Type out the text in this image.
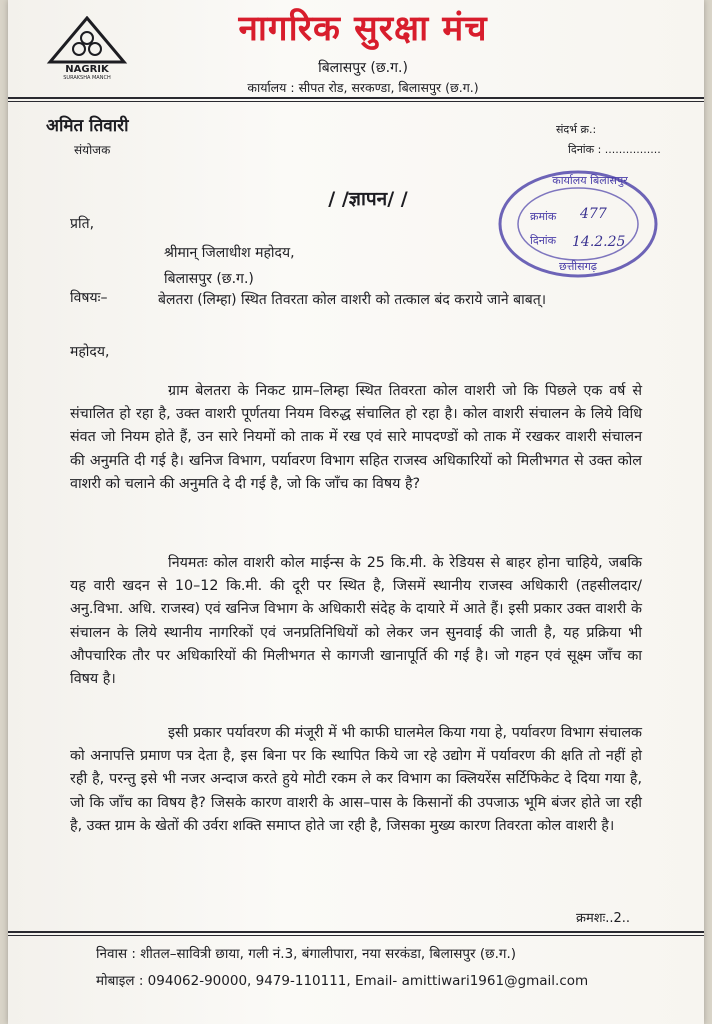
NAGRIK
SURAKSHA MANCH
नागरिक सुरक्षा मंच
बिलासपुर (छ.ग.)
कार्यालय : सीपत रोड, सरकण्डा, बिलासपुर (छ.ग.)
अमित तिवारी
संयोजक
संदर्भ क्र.:
दिनांक : ................
कार्यालय बिलासपुर
क्रमांक
दिनांक
477
14.2.25
छत्तीसगढ़
/ /ज्ञापन/ /
प्रति,
श्रीमान् जिलाधीश महोदय,
बिलासपुर (छ.ग.)
विषयः–	बेलतरा (लिम्हा) स्थित तिवरता कोल वाशरी को तत्काल बंद कराये जाने बाबत्।
महोदय,
ग्राम बेलतरा के निकट ग्राम–लिम्हा स्थित तिवरता कोल वाशरी जो कि पिछले एक वर्ष से संचालित हो रहा है, उक्त वाशरी पूर्णतया नियम विरुद्ध संचालित हो रहा है। कोल वाशरी संचालन के लिये विधि संवत जो नियम होते हैं, उन सारे नियमों को ताक में रख एवं सारे मापदण्डों को ताक में रखकर वाशरी संचालन की अनुमति दी गई है। खनिज विभाग, पर्यावरण विभाग सहित राजस्व अधिकारियों को मिलीभगत से उक्त कोल वाशरी को चलाने की अनुमति दे दी गई है, जो कि जाँच का विषय है?
नियमतः कोल वाशरी कोल माईन्स के 25 कि.मी. के रेडियस से बाहर होना चाहिये, जबकि यह वारी खदन से 10–12 कि.मी. की दूरी पर स्थित है, जिसमें स्थानीय राजस्व अधिकारी (तहसीलदार/अनु.विभा. अधि. राजस्व) एवं खनिज विभाग के अधिकारी संदेह के दायारे में आते हैं। इसी प्रकार उक्त वाशरी के संचालन के लिये स्थानीय नागरिकों एवं जनप्रतिनिधियों को लेकर जन सुनवाई की जाती है, यह प्रक्रिया भी औपचारिक तौर पर अधिकारियों की मिलीभगत से कागजी खानापूर्ति की गई है। जो गहन एवं सूक्ष्म जाँच का विषय है।
इसी प्रकार पर्यावरण की मंजूरी में भी काफी घालमेल किया गया हे, पर्यावरण विभाग संचालक को अनापत्ति प्रमाण पत्र देता है, इस बिना पर कि स्थापित किये जा रहे उद्योग में पर्यावरण की क्षति तो नहीं हो रही है, परन्तु इसे भी नजर अन्दाज करते हुये मोटी रकम ले कर विभाग का क्लियरेंस सर्टिफिकेट दे दिया गया है, जो कि जाँच का विषय है? जिसके कारण वाशरी के आस–पास के किसानों की उपजाऊ भूमि बंजर होते जा रही है, उक्त ग्राम के खेतों की उर्वरा शक्ति समाप्त होते जा रही है, जिसका मुख्य कारण तिवरता कोल वाशरी है।
क्रमशः..2..
निवास : शीतल–सावित्री छाया, गली नं.3, बंगालीपारा, नया सरकंडा, बिलासपुर (छ.ग.)
मोबाइल : 094062-90000, 9479-110111, Email- amittiwari1961@gmail.com
